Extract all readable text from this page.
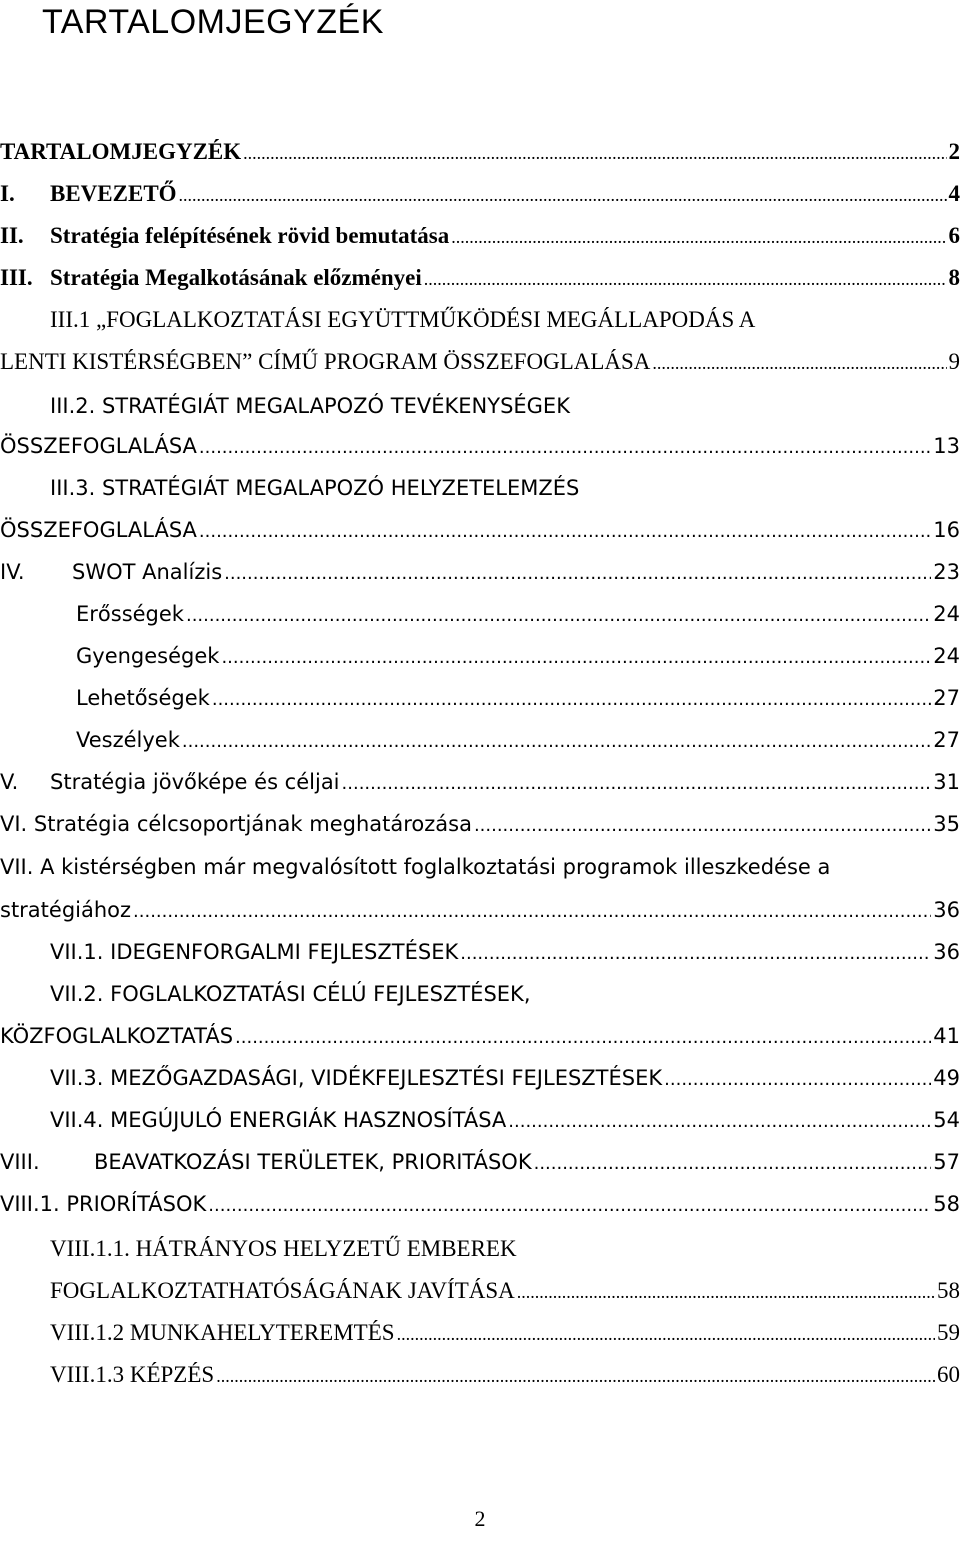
TARTALOMJEGYZÉK
TARTALOMJEGYZÉK .....	2
I.	BEVEZETŐ .....	4
II.	Stratégia felépítésének rövid bemutatása .....	6
III. Stratégia Megalkotásának előzményei .....	8
III.1 „FOGLALKOZTATÁSI EGYÜTTMŰKÖDÉSI MEGÁLLAPODÁS A
LENTI KISTÉRSÉGBEN” CÍMŰ PROGRAM ÖSSZEFOGLALÁSA .....	9
III.2. STRATÉGIÁT MEGALAPOZÓ TEVÉKENYSÉGEK
ÖSSZEFOGLALÁSA .....	13
III.3. STRATÉGIÁT MEGALAPOZÓ HELYZETELEMZÉS
ÖSSZEFOGLALÁSA .....	16
IV.	SWOT Analízis .....	23
Erősségek .....	24
Gyengeségek .....	24
Lehetőségek .....	27
Veszélyek .....	27
V.	Stratégia jövőképe és céljai .....	31
VI. Stratégia célcsoportjának meghatározása .....	35
VII. A kistérségben már megvalósított foglalkoztatási programok illeszkedése a
stratégiához .....	36
VII.1. IDEGENFORGALMI FEJLESZTÉSEK .....	36
VII.2. FOGLALKOZTATÁSI CÉLÚ FEJLESZTÉSEK,
KÖZFOGLALKOZTATÁS .....	41
VII.3. MEZŐGAZDASÁGI, VIDÉKFEJLESZTÉSI FEJLESZTÉSEK .....	49
VII.4. MEGÚJULÓ ENERGIÁK HASZNOSÍTÁSA .....	54
VIII.	BEAVATKOZÁSI TERÜLETEK, PRIORITÁSOK .....	57
VIII.1. PRIORÍTÁSOK .....	58
VIII.1.1. HÁTRÁNYOS HELYZETŰ EMBEREK
FOGLALKOZTATHATÓSÁGÁNAK JAVÍTÁSA .....	58
VIII.1.2 MUNKAHELYTEREMTÉS .....	59
VIII.1.3 KÉPZÉS .....	60
2
